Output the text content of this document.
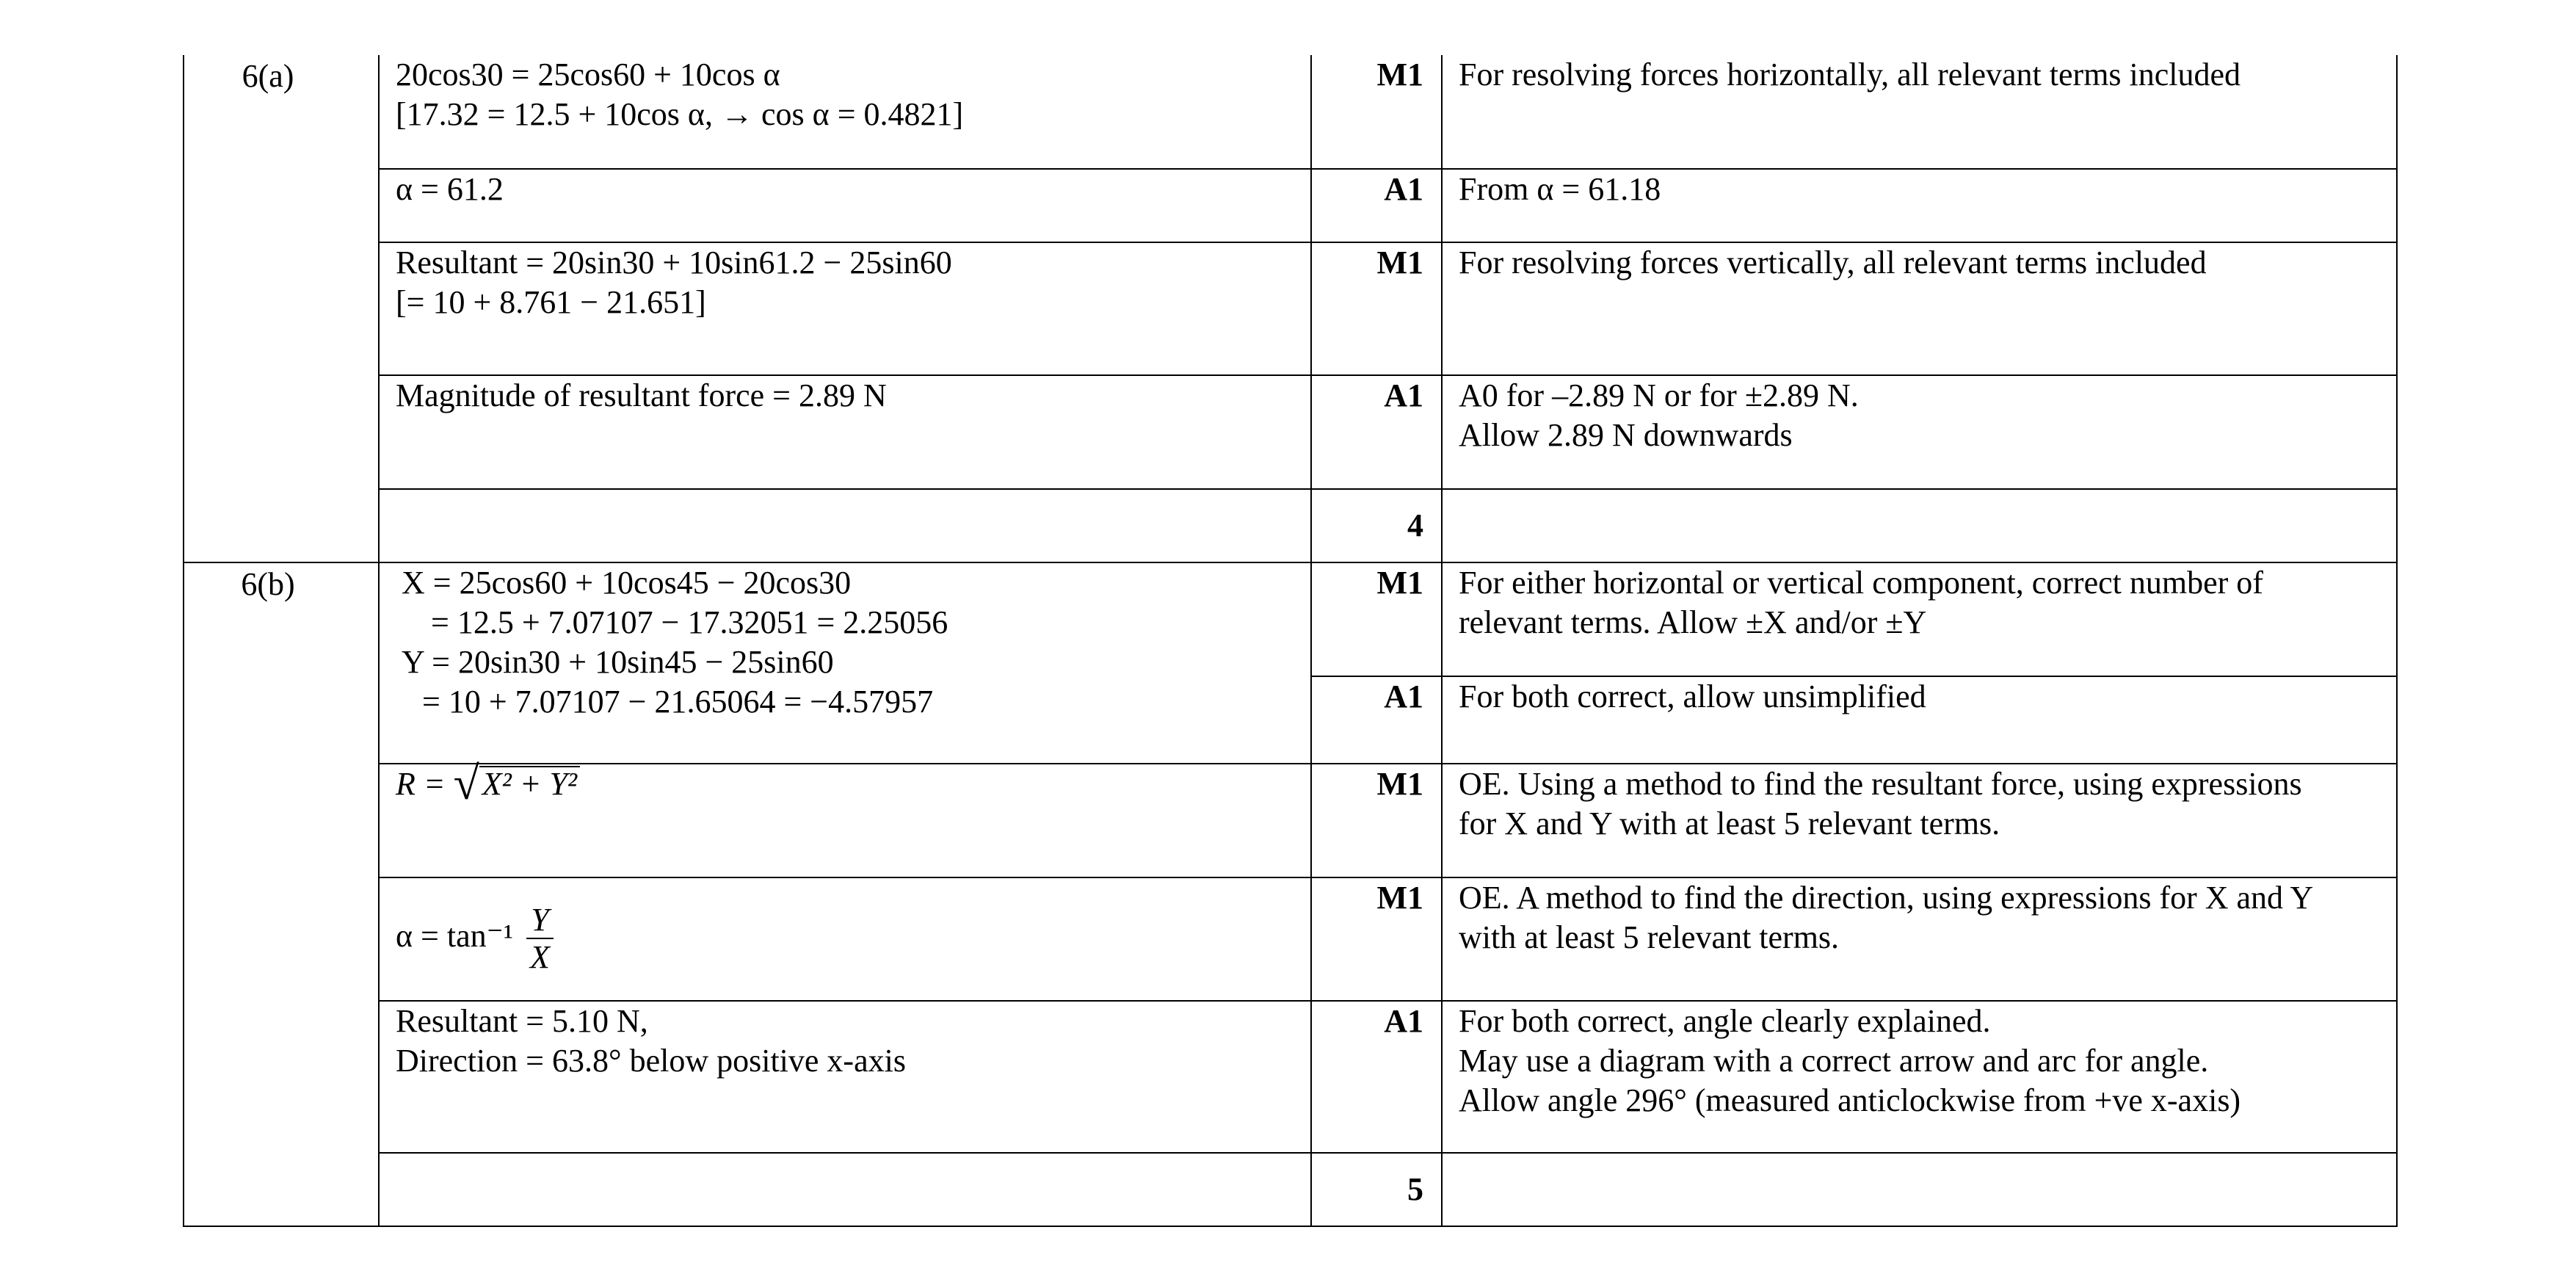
6(a)	20cos30 = 25cos60 + 10cos α
[17.32 = 12.5 + 10cos α, → cos α = 0.4821]	M1	For resolving forces horizontally, all relevant terms included
	α = 61.2	A1	From α = 61.18

	Resultant = 20sin30 + 10sin61.2 − 25sin60
[= 10 + 8.761 − 21.651]	M1	For resolving forces vertically, all relevant terms included
	Magnitude of resultant force = 2.89 N	A1	A0 for –2.89 N or for ±2.89 N.
Allow 2.89 N downwards

		4	
6(b)	X = 25cos60 + 10cos45 − 20cos30
= 12.5 + 7.07107 − 17.32051 = 2.25056
Y = 20sin30 + 10sin45 − 25sin60
= 10 + 7.07107 − 21.65064 = −4.57957	M1	For either horizontal or vertical component, correct number of
relevant terms. Allow ±X and/or ±Y

		A1	For both correct, allow unsimplified
	R = √X² + Y²	M1	OE. Using a method to find the resultant force, using expressions
for X and Y with at least 5 relevant terms.

	$\alpha = \tan^{-1} \frac{Y}{X}$	M1	OE. A method to find the direction, using expressions for X and Y
with at least 5 relevant terms.

	Resultant = 5.10 N,
Direction = 63.8° below positive x-axis	A1	For both correct, angle clearly explained.
May use a diagram with a correct arrow and arc for angle.
Allow angle 296° (measured anticlockwise from +ve x-axis)

		5	
